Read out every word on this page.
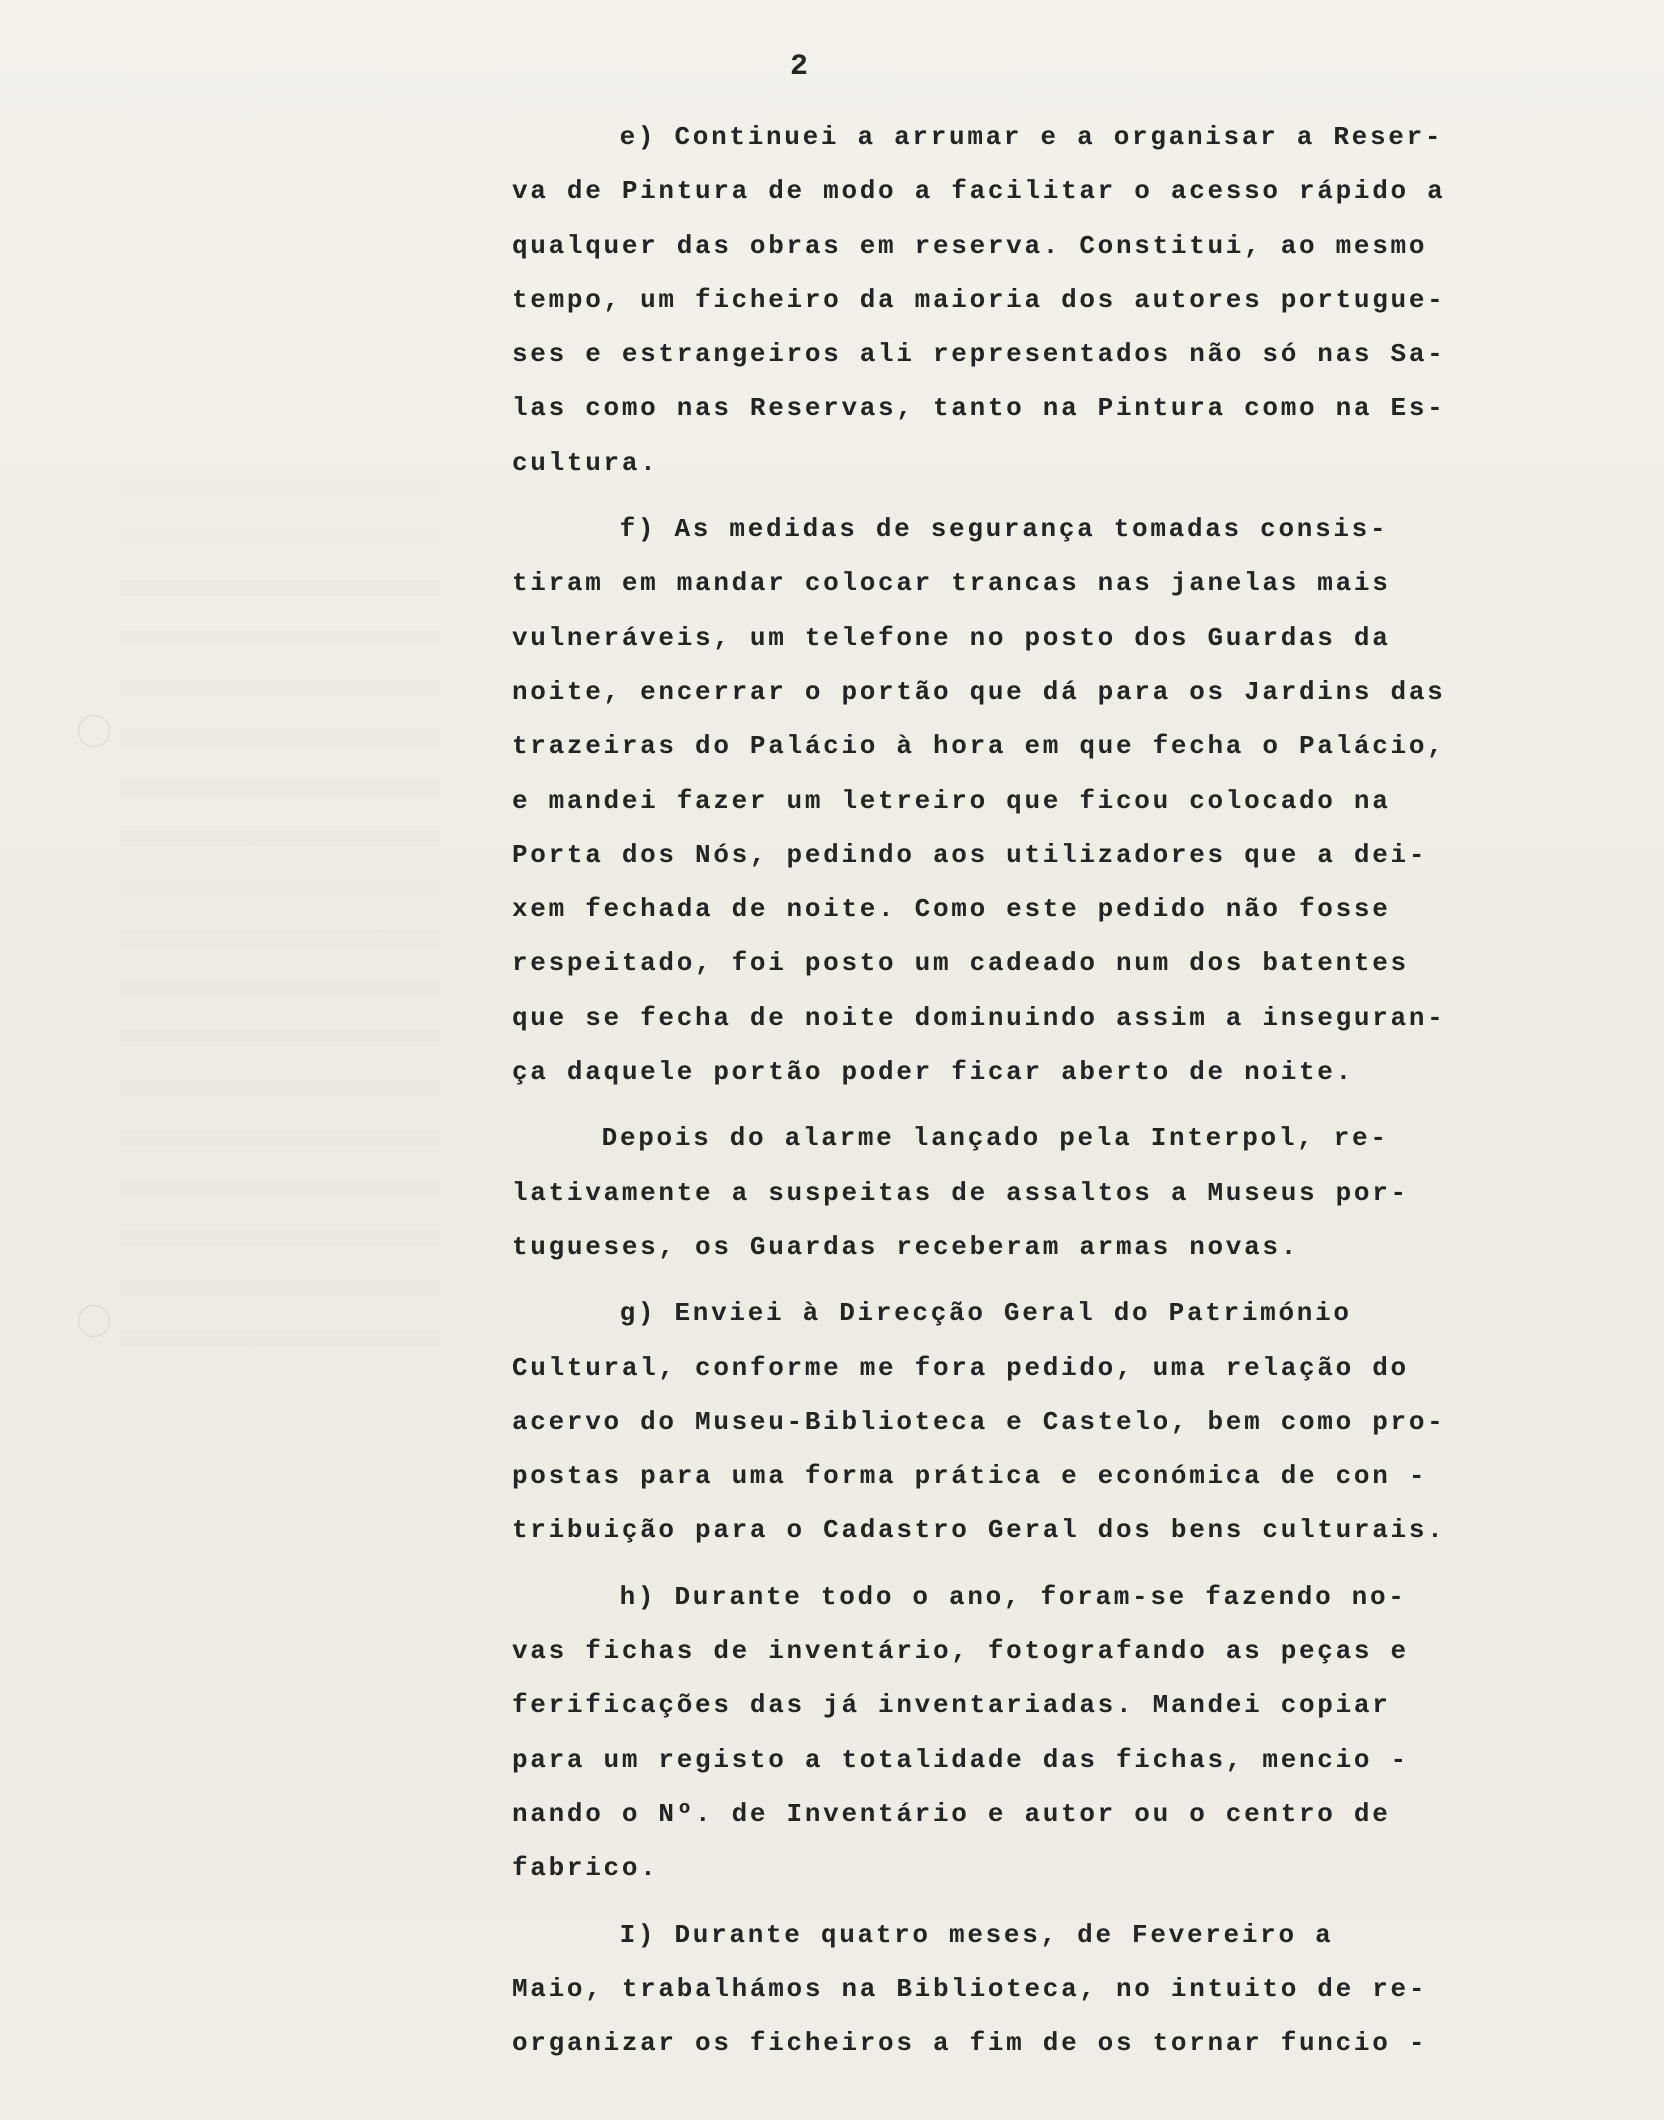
2
e) Continuei a arrumar e a organisar a Reser-
va de Pintura de modo a facilitar o acesso rápido a
qualquer das obras em reserva. Constitui, ao mesmo
tempo, um ficheiro da maioria dos autores portugue-
ses e estrangeiros ali representados não só nas Sa-
las como nas Reservas, tanto na Pintura como na Es-
cultura.
f) As medidas de segurança tomadas consis-
tiram em mandar colocar trancas nas janelas mais
vulneráveis, um telefone no posto dos Guardas da
noite, encerrar o portão que dá para os Jardins das
trazeiras do Palácio à hora em que fecha o Palácio,
e mandei fazer um letreiro que ficou colocado na
Porta dos Nós, pedindo aos utilizadores que a dei-
xem fechada de noite. Como este pedido não fosse
respeitado, foi posto um cadeado num dos batentes
que se fecha de noite dominuindo assim a inseguran-
ça daquele portão poder ficar aberto de noite.
Depois do alarme lançado pela Interpol, re-
lativamente a suspeitas de assaltos a Museus por-
tugueses, os Guardas receberam armas novas.
g) Enviei à Direcção Geral do Património
Cultural, conforme me fora pedido, uma relação do
acervo do Museu-Biblioteca e Castelo, bem como pro-
postas para uma forma prática e económica de con -
tribuição para o Cadastro Geral dos bens culturais.
h) Durante todo o ano, foram-se fazendo no-
vas fichas de inventário, fotografando as peças e
ferificações das já inventariadas. Mandei copiar
para um registo a totalidade das fichas, mencio -
nando o Nº. de Inventário e autor ou o centro de
fabrico.
I) Durante quatro meses, de Fevereiro a
Maio, trabalhámos na Biblioteca, no intuito de re-
organizar os ficheiros a fim de os tornar funcio -
